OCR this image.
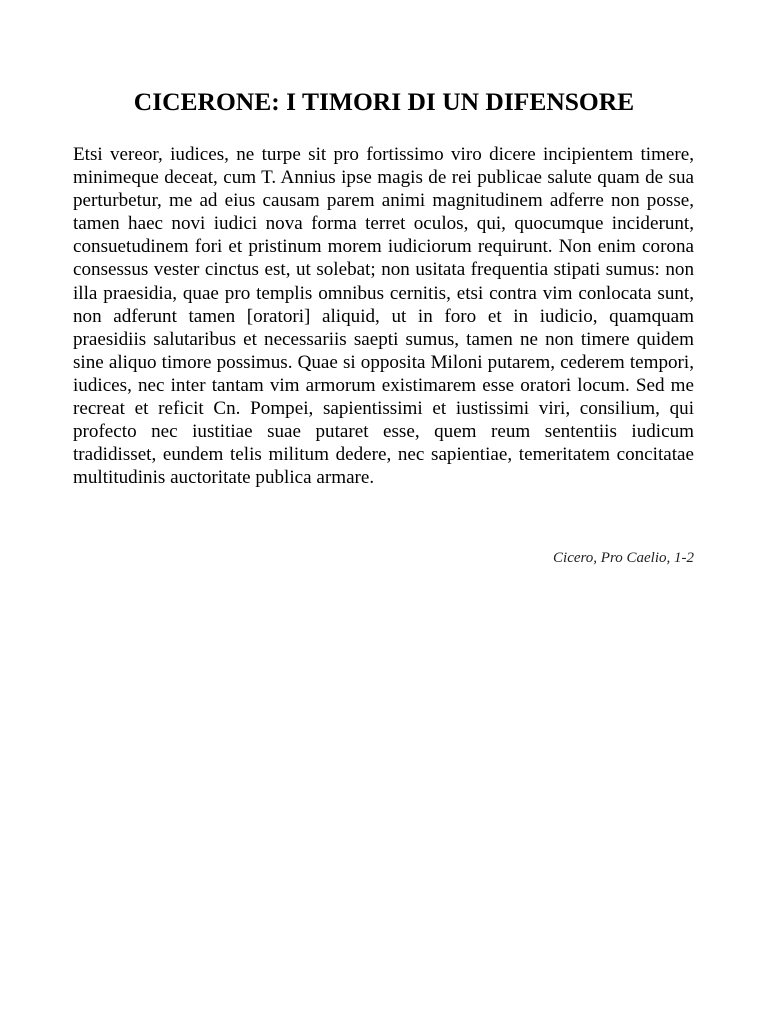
CICERONE: I TIMORI DI UN DIFENSORE

Etsi vereor, iudices, ne turpe sit pro fortissimo viro dicere incipientem timere, minimeque deceat, cum T. Annius ipse magis de rei publicae salute quam de sua perturbetur, me ad eius causam parem animi magnitudinem adferre non posse, tamen haec novi iudici nova forma terret oculos, qui, quocumque inciderunt, consuetudinem fori et pristinum morem iudiciorum requirunt. Non enim corona consessus vester cinctus est, ut solebat; non usitata frequentia stipati sumus: non illa praesidia, quae pro templis omnibus cernitis, etsi contra vim conlocata sunt, non adferunt tamen [oratori] aliquid, ut in foro et in iudicio, quamquam praesidiis salutaribus et necessariis saepti sumus, tamen ne non timere quidem sine aliquo timore possimus. Quae si opposita Miloni putarem, cederem tempori, iudices, nec inter tantam vim armorum existimarem esse oratori locum. Sed me recreat et reficit Cn. Pompei, sapientissimi et iustissimi viri, consilium, qui profecto nec iustitiae suae putaret esse, quem reum sententiis iudicum tradidisset, eundem telis militum dedere, nec sapientiae, temeritatem concitatae multitudinis auctoritate publica armare.

Cicero, Pro Caelio, 1-2
